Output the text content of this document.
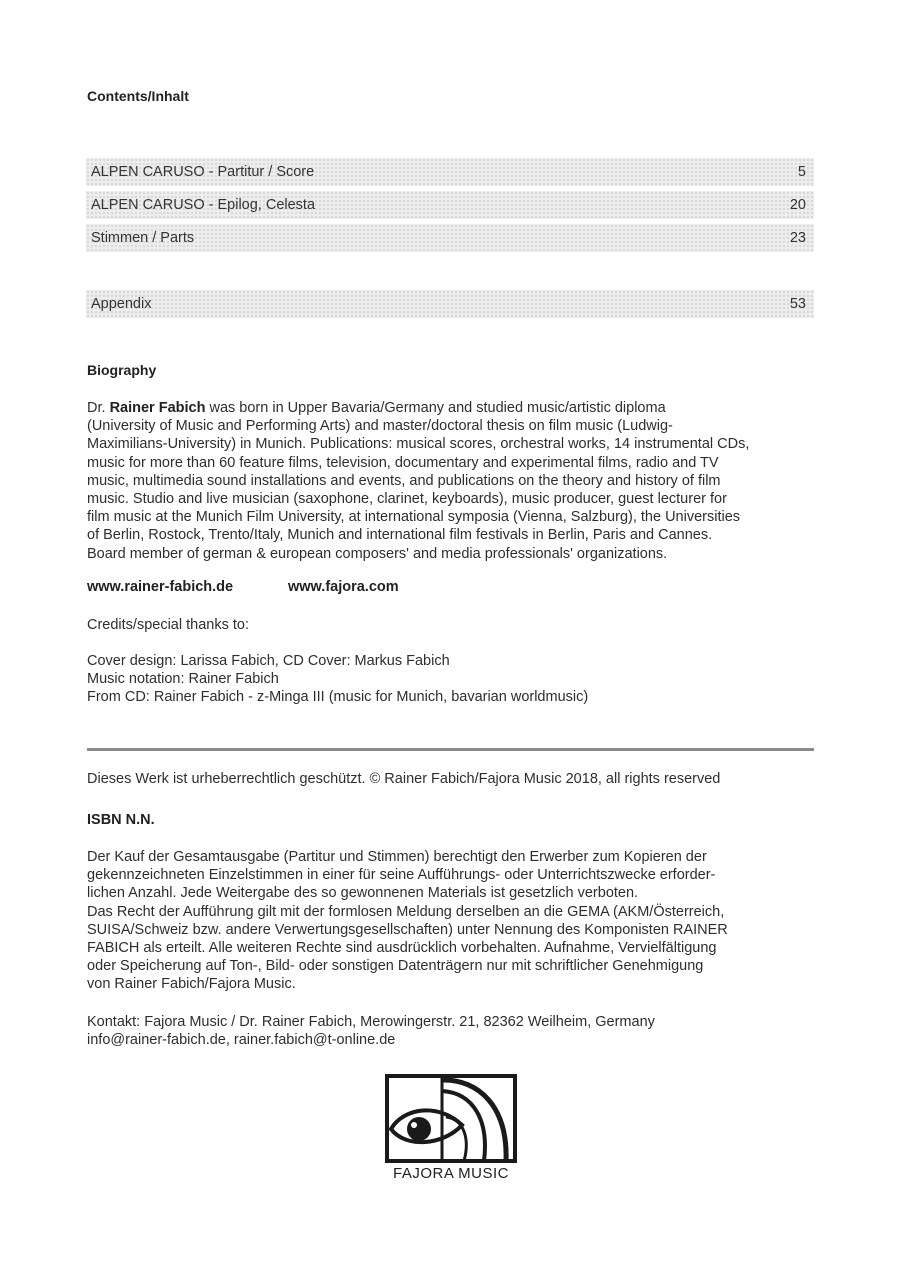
Contents/Inhalt
ALPEN CARUSO - Partitur / Score	5
ALPEN CARUSO - Epilog, Celesta	20
Stimmen / Parts	23
Appendix	53
Biography
Dr. Rainer Fabich was born in Upper Bavaria/Germany and studied music/artistic diploma
(University of Music and Performing Arts) and master/doctoral thesis on film music (Ludwig-
Maximilians-University) in Munich. Publications: musical scores, orchestral works, 14 instrumental CDs,
music for more than 60 feature films, television, documentary and experimental films, radio and TV
music, multimedia sound installations and events, and publications on the theory and history of film
music. Studio and live musician (saxophone, clarinet, keyboards), music producer, guest lecturer for
film music at the Munich Film University, at international symposia (Vienna, Salzburg), the Universities
of Berlin, Rostock, Trento/Italy, Munich and international film festivals in Berlin, Paris and Cannes.
Board member of german & european composers' and media professionals' organizations.
www.rainer-fabich.de	www.fajora.com
Credits/special thanks to:
Cover design: Larissa Fabich, CD Cover: Markus Fabich
Music notation: Rainer Fabich
From CD: Rainer Fabich - z-Minga III (music for Munich, bavarian worldmusic)
Dieses Werk ist urheberrechtlich geschützt. © Rainer Fabich/Fajora Music 2018, all rights reserved
ISBN N.N.
Der Kauf der Gesamtausgabe (Partitur und Stimmen) berechtigt den Erwerber zum Kopieren der
gekennzeichneten Einzelstimmen in einer für seine Aufführungs- oder Unterrichtszwecke erforder-
lichen Anzahl. Jede Weitergabe des so gewonnenen Materials ist gesetzlich verboten.
Das Recht der Aufführung gilt mit der formlosen Meldung derselben an die GEMA (AKM/Österreich,
SUISA/Schweiz bzw. andere Verwertungsgesellschaften) unter Nennung des Komponisten RAINER
FABICH als erteilt. Alle weiteren Rechte sind ausdrücklich vorbehalten. Aufnahme, Vervielfältigung
oder Speicherung auf Ton-, Bild- oder sonstigen Datenträgern nur mit schriftlicher Genehmigung
von Rainer Fabich/Fajora Music.
Kontakt: Fajora Music / Dr. Rainer Fabich, Merowingerstr. 21, 82362 Weilheim, Germany
info@rainer-fabich.de, rainer.fabich@t-online.de
FAJORA MUSIC
